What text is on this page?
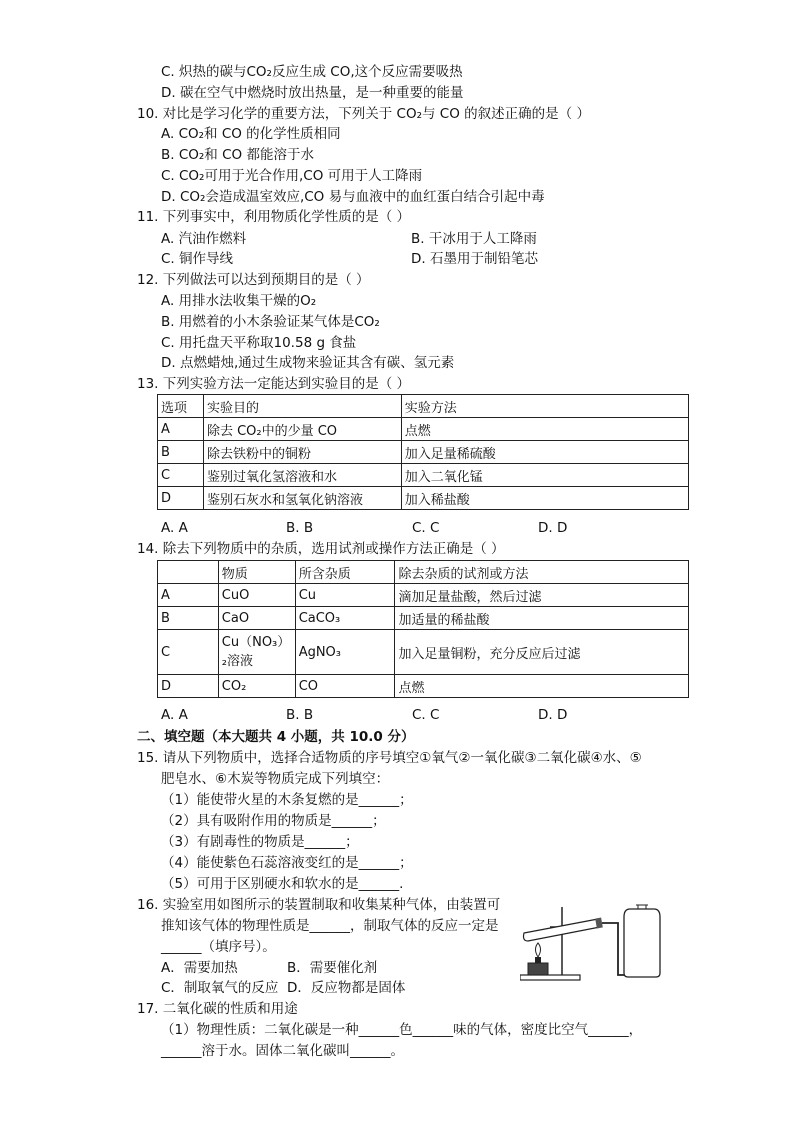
C. 炽热的碳与CO₂反应生成 CO,这个反应需要吸热
D. 碳在空气中燃烧时放出热量，是一种重要的能量
10. 对比是学习化学的重要方法，下列关于 CO₂与 CO 的叙述正确的是（ ）
A. CO₂和 CO 的化学性质相同
B. CO₂和 CO 都能溶于水
C. CO₂可用于光合作用,CO 可用于人工降雨
D. CO₂会造成温室效应,CO 易与血液中的血红蛋白结合引起中毒
11. 下列事实中，利用物质化学性质的是（ ）
A. 汽油作燃料	B. 干冰用于人工降雨
C. 铜作导线	D. 石墨用于制铅笔芯
12. 下列做法可以达到预期目的是（ ）
A. 用排水法收集干燥的O₂
B. 用燃着的小木条验证某气体是CO₂
C. 用托盘天平称取10.58 g 食盐
D. 点燃蜡烛,通过生成物来验证其含有碳、氢元素
13. 下列实验方法一定能达到实验目的是（ ）
选项	实验目的	实验方法
A	除去 CO₂中的少量 CO	点燃
B	除去铁粉中的铜粉	加入足量稀硫酸
C	鉴别过氧化氢溶液和水	加入二氧化锰
D	鉴别石灰水和氢氧化钠溶液	加入稀盐酸
A. A	B. B	C. C	D. D
14. 除去下列物质中的杂质，选用试剂或操作方法正确是（ ）
	物质	所含杂质	除去杂质的试剂或方法
A	CuO	Cu	滴加足量盐酸，然后过滤
B	CaO	CaCO₃	加适量的稀盐酸
C	Cu（NO₃）₂溶液	AgNO₃	加入足量铜粉，充分反应后过滤
D	CO₂	CO	点燃
A. A	B. B	C. C	D. D
二、填空题（本大题共 4 小题，共 10.0 分）
15. 请从下列物质中，选择合适物质的序号填空①氧气②一氧化碳③二氧化碳④水、⑤
肥皂水、⑥木炭等物质完成下列填空：
（1）能使带火星的木条复燃的是______；
（2）具有吸附作用的物质是______；
（3）有剧毒性的物质是______；
（4）能使紫色石蕊溶液变红的是______；
（5）可用于区别硬水和软水的是______.
16. 实验室用如图所示的装置制取和收集某种气体，由装置可
推知该气体的物理性质是______，制取气体的反应一定是
______（填序号）。
A．需要加热	B．需要催化剂
C．制取氧气的反应 D．反应物都是固体
17. 二氧化碳的性质和用途
（1）物理性质：二氧化碳是一种______色______味的气体，密度比空气______，
______溶于水。固体二氧化碳叫______。
